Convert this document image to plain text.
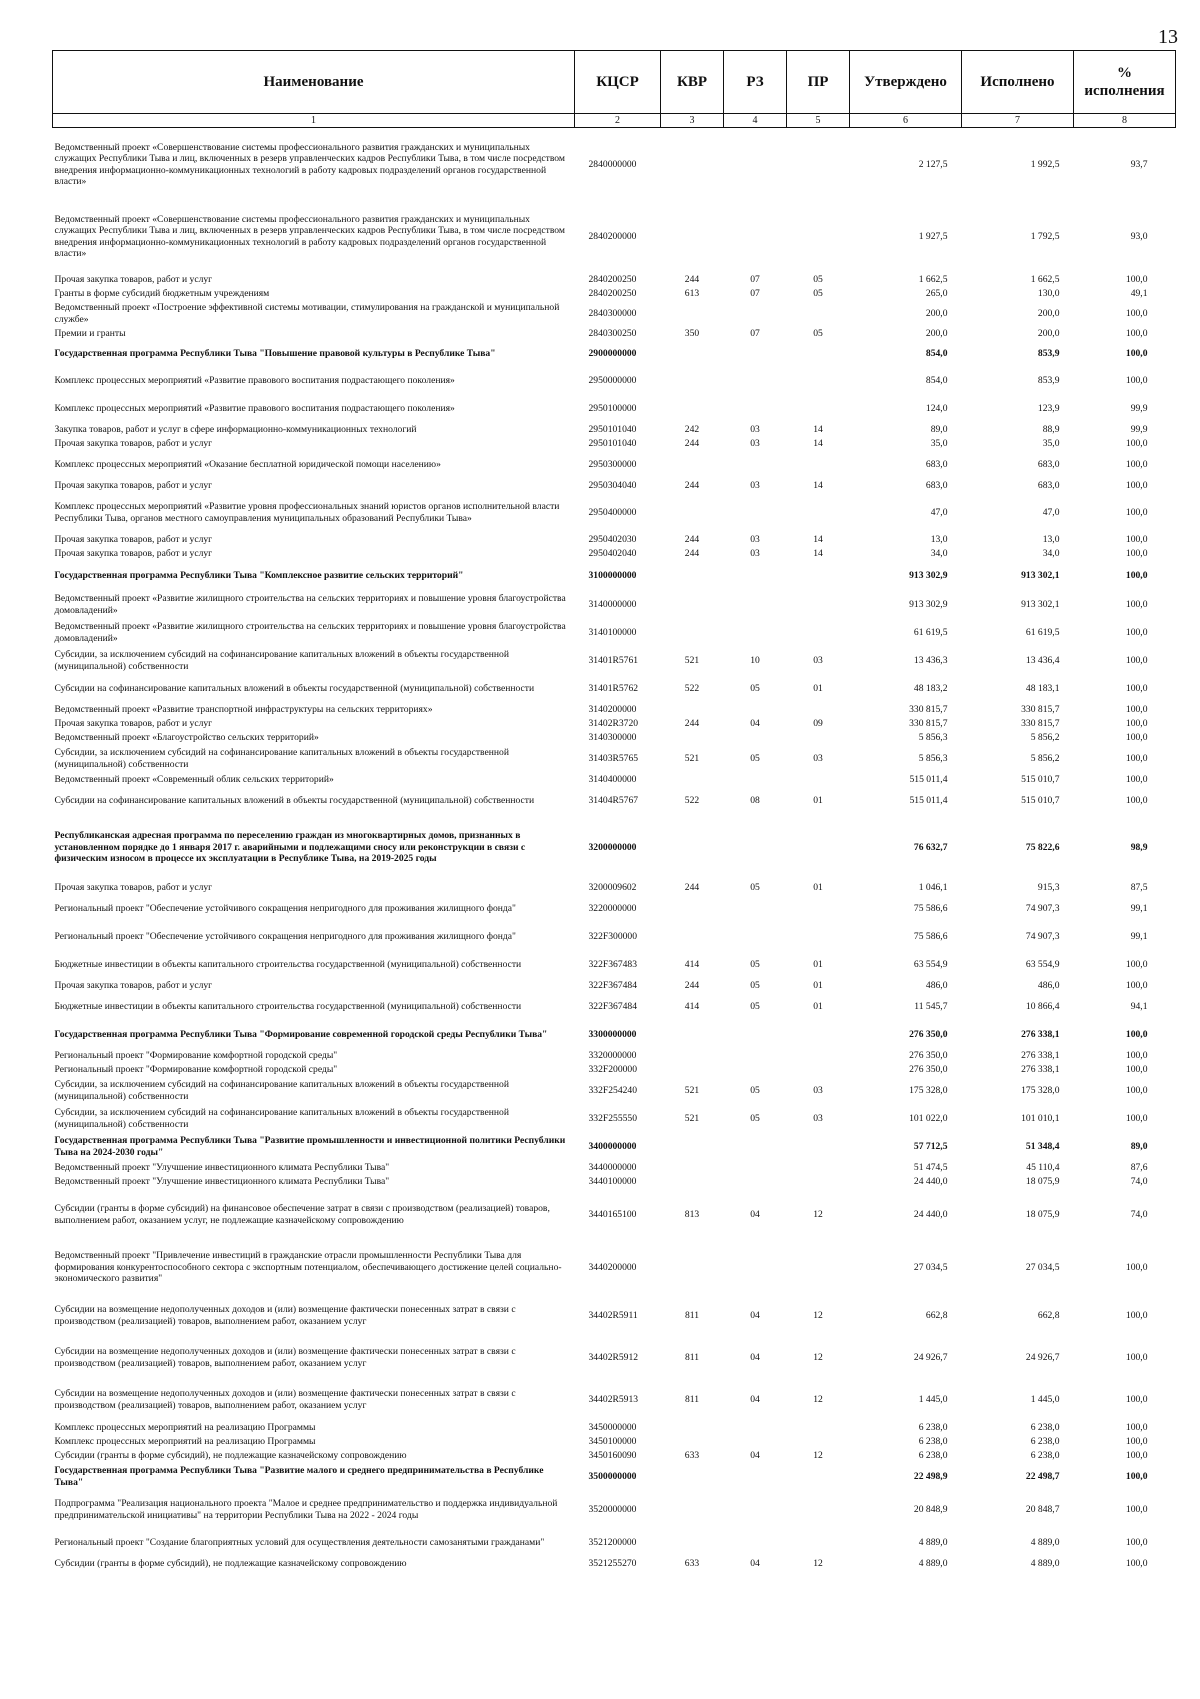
13
Наименование	КЦСР	КВР	РЗ	ПР	Утверждено	Исполнено	% исполнения
1	2	3	4	5	6	7	8
Ведомственный проект «Совершенствование системы профессионального развития гражданских и муниципальных служащих Республики Тыва и лиц, включенных в резерв управленческих кадров Республики Тыва, в том числе посредством внедрения информационно-коммуникационных технологий в работу кадровых подразделений органов государственной власти»	2840000000				2 127,5	1 992,5	93,7
Ведомственный проект «Совершенствование системы профессионального развития гражданских и муниципальных служащих Республики Тыва и лиц, включенных в резерв управленческих кадров Республики Тыва, в том числе посредством внедрения информационно-коммуникационных технологий в работу кадровых подразделений органов государственной власти»	2840200000				1 927,5	1 792,5	93,0
Прочая закупка товаров, работ и услуг	2840200250	244	07	05	1 662,5	1 662,5	100,0
Гранты в форме субсидий бюджетным учреждениям	2840200250	613	07	05	265,0	130,0	49,1
Ведомственный проект «Построение эффективной системы мотивации, стимулирования на гражданской и муниципальной службе»	2840300000				200,0	200,0	100,0
Премии и гранты	2840300250	350	07	05	200,0	200,0	100,0
Государственная программа Республики Тыва "Повышение правовой культуры в Республике Тыва"	2900000000				854,0	853,9	100,0
Комплекс процессных мероприятий «Развитие правового воспитания подрастающего поколения»	2950000000				854,0	853,9	100,0
Комплекс процессных мероприятий «Развитие правового воспитания подрастающего поколения»	2950100000				124,0	123,9	99,9
Закупка товаров, работ и услуг в сфере информационно-коммуникационных технологий	2950101040	242	03	14	89,0	88,9	99,9
Прочая закупка товаров, работ и услуг	2950101040	244	03	14	35,0	35,0	100,0
Комплекс процессных мероприятий «Оказание бесплатной юридической помощи населению»	2950300000				683,0	683,0	100,0
Прочая закупка товаров, работ и услуг	2950304040	244	03	14	683,0	683,0	100,0
Комплекс процессных мероприятий «Развитие уровня профессиональных знаний юристов органов исполнительной власти Республики Тыва, органов местного самоуправления муниципальных образований Республики Тыва»	2950400000				47,0	47,0	100,0
Прочая закупка товаров, работ и услуг	2950402030	244	03	14	13,0	13,0	100,0
Прочая закупка товаров, работ и услуг	2950402040	244	03	14	34,0	34,0	100,0
Государственная программа Республики Тыва "Комплексное развитие сельских территорий"	3100000000				913 302,9	913 302,1	100,0
Ведомственный проект «Развитие жилищного строительства на сельских территориях и повышение уровня благоустройства домовладений»	3140000000				913 302,9	913 302,1	100,0
Ведомственный проект «Развитие жилищного строительства на сельских территориях и повышение уровня благоустройства домовладений»	3140100000				61 619,5	61 619,5	100,0
Субсидии, за исключением субсидий на софинансирование капитальных вложений в объекты государственной (муниципальной) собственности	31401R5761	521	10	03	13 436,3	13 436,4	100,0
Субсидии на софинансирование капитальных вложений в объекты государственной (муниципальной) собственности	31401R5762	522	05	01	48 183,2	48 183,1	100,0
Ведомственный проект «Развитие транспортной инфраструктуры на сельских территориях»	3140200000				330 815,7	330 815,7	100,0
Прочая закупка товаров, работ и услуг	31402R3720	244	04	09	330 815,7	330 815,7	100,0
Ведомственный проект «Благоустройство сельских территорий»	3140300000				5 856,3	5 856,2	100,0
Субсидии, за исключением субсидий на софинансирование капитальных вложений в объекты государственной (муниципальной) собственности	31403R5765	521	05	03	5 856,3	5 856,2	100,0
Ведомственный проект «Современный облик сельских территорий»	3140400000				515 011,4	515 010,7	100,0
Субсидии на софинансирование капитальных вложений в объекты государственной (муниципальной) собственности	31404R5767	522	08	01	515 011,4	515 010,7	100,0
Республиканская адресная программа по переселению граждан из многоквартирных домов, признанных в установленном порядке до 1 января 2017 г. аварийными и подлежащими сносу или реконструкции в связи с физическим износом в процессе их эксплуатации в Республике Тыва, на 2019-2025 годы	3200000000				76 632,7	75 822,6	98,9
Прочая закупка товаров, работ и услуг	3200009602	244	05	01	1 046,1	915,3	87,5
Региональный проект "Обеспечение устойчивого сокращения непригодного для проживания жилищного фонда"	3220000000				75 586,6	74 907,3	99,1
Региональный проект "Обеспечение устойчивого сокращения непригодного для проживания жилищного фонда"	322F300000				75 586,6	74 907,3	99,1
Бюджетные инвестиции в объекты капитального строительства государственной (муниципальной) собственности	322F367483	414	05	01	63 554,9	63 554,9	100,0
Прочая закупка товаров, работ и услуг	322F367484	244	05	01	486,0	486,0	100,0
Бюджетные инвестиции в объекты капитального строительства государственной (муниципальной) собственности	322F367484	414	05	01	11 545,7	10 866,4	94,1
Государственная программа Республики Тыва "Формирование современной городской среды Республики Тыва"	3300000000				276 350,0	276 338,1	100,0
Региональный проект "Формирование комфортной городской среды"	3320000000				276 350,0	276 338,1	100,0
Региональный проект "Формирование комфортной городской среды"	332F200000				276 350,0	276 338,1	100,0
Субсидии, за исключением субсидий на софинансирование капитальных вложений в объекты государственной (муниципальной) собственности	332F254240	521	05	03	175 328,0	175 328,0	100,0
Субсидии, за исключением субсидий на софинансирование капитальных вложений в объекты государственной (муниципальной) собственности	332F255550	521	05	03	101 022,0	101 010,1	100,0
Государственная программа Республики Тыва "Развитие промышленности и инвестиционной политики Республики Тыва на 2024-2030 годы"	3400000000				57 712,5	51 348,4	89,0
Ведомственный проект "Улучшение инвестиционного климата Республики Тыва"	3440000000				51 474,5	45 110,4	87,6
Ведомственный проект "Улучшение инвестиционного климата Республики Тыва"	3440100000				24 440,0	18 075,9	74,0
Субсидии (гранты в форме субсидий) на финансовое обеспечение затрат в связи с производством (реализацией) товаров, выполнением работ, оказанием услуг, не подлежащие казначейскому сопровождению	3440165100	813	04	12	24 440,0	18 075,9	74,0
Ведомственный проект "Привлечение инвестиций в гражданские отрасли промышленности Республики Тыва для формирования конкурентоспособного сектора с экспортным потенциалом, обеспечивающего достижение целей социально-экономического развития"	3440200000				27 034,5	27 034,5	100,0
Субсидии на возмещение недополученных доходов и (или) возмещение фактически понесенных затрат в связи с производством (реализацией) товаров, выполнением работ, оказанием услуг	34402R5911	811	04	12	662,8	662,8	100,0
Субсидии на возмещение недополученных доходов и (или) возмещение фактически понесенных затрат в связи с производством (реализацией) товаров, выполнением работ, оказанием услуг	34402R5912	811	04	12	24 926,7	24 926,7	100,0
Субсидии на возмещение недополученных доходов и (или) возмещение фактически понесенных затрат в связи с производством (реализацией) товаров, выполнением работ, оказанием услуг	34402R5913	811	04	12	1 445,0	1 445,0	100,0
Комплекс процессных мероприятий на реализацию Программы	3450000000				6 238,0	6 238,0	100,0
Комплекс процессных мероприятий на реализацию Программы	3450100000				6 238,0	6 238,0	100,0
Субсидии (гранты в форме субсидий), не подлежащие казначейскому сопровождению	3450160090	633	04	12	6 238,0	6 238,0	100,0
Государственная программа Республики Тыва "Развитие малого и среднего предпринимательства в Республике Тыва"	3500000000				22 498,9	22 498,7	100,0
Подпрограмма "Реализация национального проекта "Малое и среднее предпринимательство и поддержка индивидуальной предпринимательской инициативы" на территории Республики Тыва на 2022 - 2024 годы	3520000000				20 848,9	20 848,7	100,0
Региональный проект "Создание благоприятных условий для осуществления деятельности самозанятыми гражданами"	3521200000				4 889,0	4 889,0	100,0
Субсидии (гранты в форме субсидий), не подлежащие казначейскому сопровождению	3521255270	633	04	12	4 889,0	4 889,0	100,0
